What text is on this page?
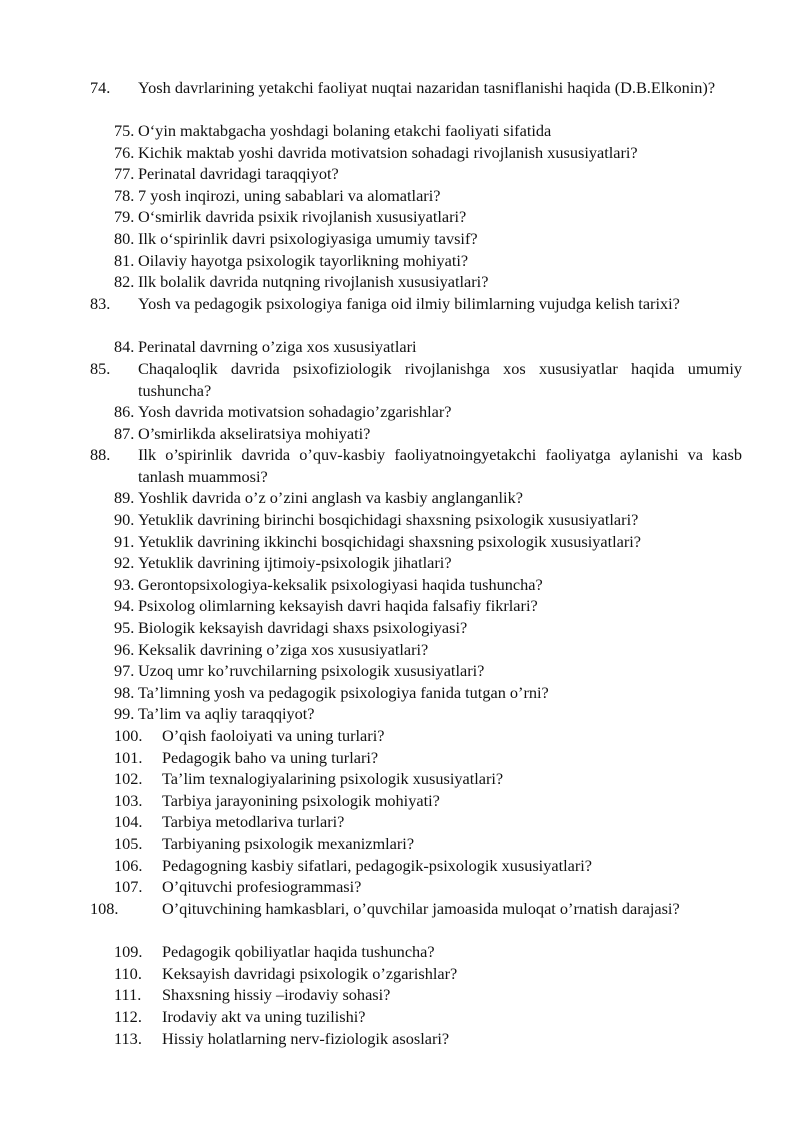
74. Yosh davrlarining yetakchi faoliyat nuqtai nazaridan tasniflanishi haqida (D.B.Elkonin)?
75. O‘yin maktabgacha yoshdagi bolaning etakchi faoliyati sifatida
76. Kichik maktab yoshi davrida motivatsion sohadagi rivojlanish xususiyatlari?
77. Perinatal davridagi taraqqiyot?
78. 7 yosh inqirozi, uning sabablari va alomatlari?
79. O‘smirlik davrida psixik rivojlanish xususiyatlari?
80. Ilk o‘spirinlik davri psixologiyasiga umumiy tavsif?
81. Oilaviy hayotga psixologik tayorlikning mohiyati?
82. Ilk bolalik davrida nutqning rivojlanish xususiyatlari?
83. Yosh va pedagogik psixologiya faniga oid ilmiy bilimlarning vujudga kelish tarixi?
84. Perinatal davrning o’ziga xos xususiyatlari
85. Chaqaloqlik davrida psixofiziologik rivojlanishga xos xususiyatlar haqida umumiy tushuncha?
86. Yosh davrida motivatsion sohadagio’zgarishlar?
87. O’smirlikda akseliratsiya mohiyati?
88. Ilk o’spirinlik davrida o’quv-kasbiy faoliyatnoingyetakchi faoliyatga aylanishi va kasb tanlash muammosi?
89. Yoshlik davrida o’z o’zini anglash va kasbiy anglanganlik?
90. Yetuklik davrining birinchi bosqichidagi shaxsning psixologik xususiyatlari?
91. Yetuklik davrining ikkinchi bosqichidagi shaxsning psixologik xususiyatlari?
92. Yetuklik davrining ijtimoiy-psixologik jihatlari?
93. Gerontopsixologiya-keksalik psixologiyasi haqida tushuncha?
94. Psixolog olimlarning keksayish davri haqida falsafiy fikrlari?
95. Biologik keksayish davridagi shaxs psixologiyasi?
96. Keksalik davrining o’ziga xos xususiyatlari?
97. Uzoq umr ko’ruvchilarning psixologik xususiyatlari?
98. Ta’limning yosh va pedagogik psixologiya fanida tutgan o’rni?
99. Ta’lim va aqliy taraqqiyot?
100. O’qish faoloiyati va uning turlari?
101. Pedagogik baho va uning turlari?
102. Ta’lim texnalogiyalarining psixologik xususiyatlari?
103. Tarbiya jarayonining psixologik mohiyati?
104. Tarbiya metodlariva turlari?
105. Tarbiyaning psixologik mexanizmlari?
106. Pedagogning kasbiy sifatlari, pedagogik-psixologik xususiyatlari?
107. O’qituvchi profesiogrammasi?
108.	O’qituvchining hamkasblari, o’quvchilar jamoasida muloqat o’rnatish darajasi?
109. Pedagogik qobiliyatlar haqida tushuncha?
110. Keksayish davridagi psixologik o’zgarishlar?
111. Shaxsning hissiy –irodaviy sohasi?
112. Irodaviy akt va uning tuzilishi?
113. Hissiy holatlarning nerv-fiziologik asoslari?
